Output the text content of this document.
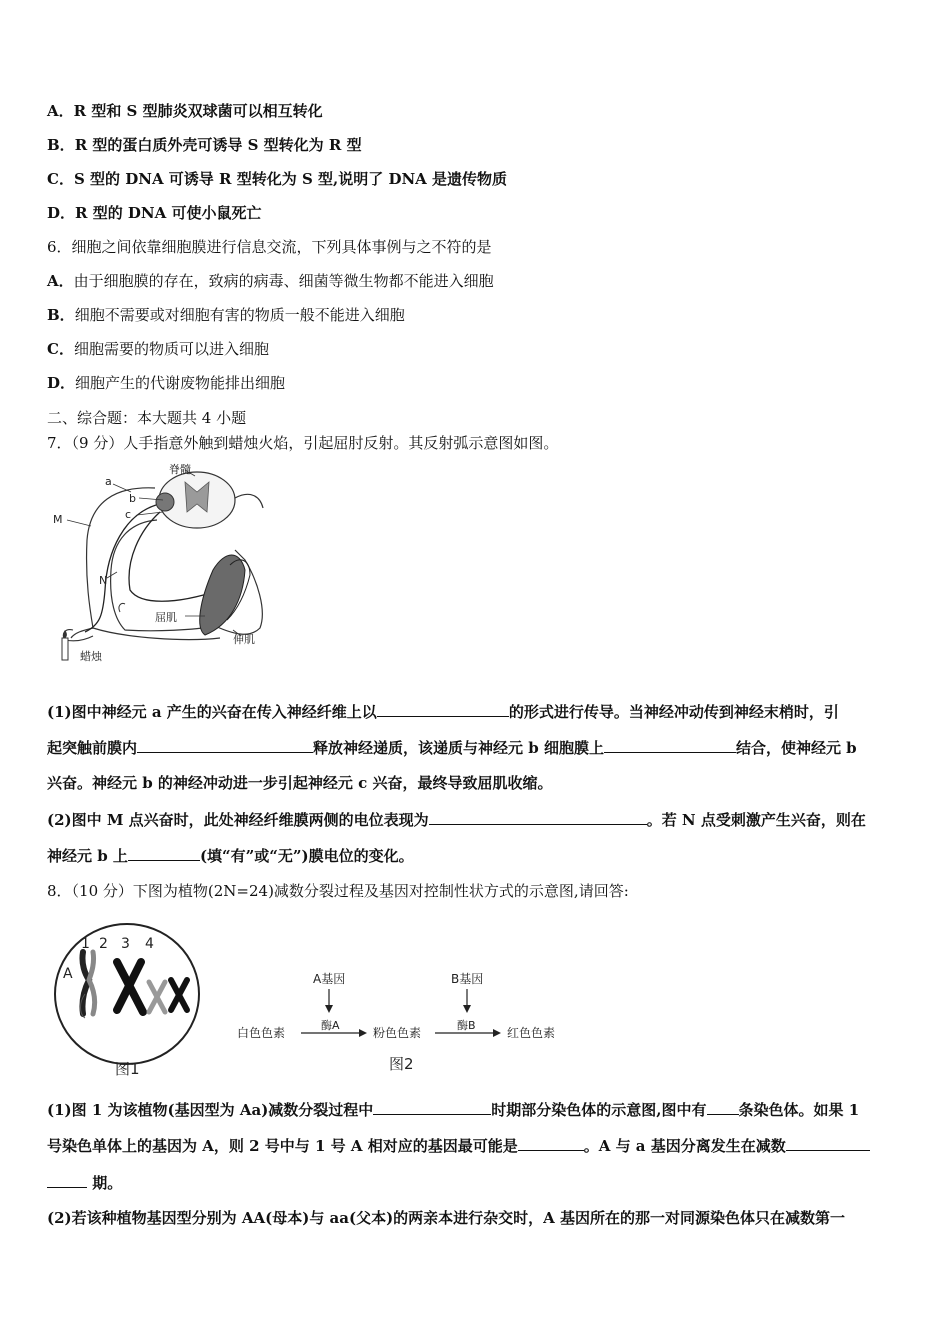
A．R 型和 S 型肺炎双球菌可以相互转化
B．R 型的蛋白质外壳可诱导 S 型转化为 R 型
C．S 型的 DNA 可诱导 R 型转化为 S 型,说明了 DNA 是遗传物质
D．R 型的 DNA 可使小鼠死亡
6．细胞之间依靠细胞膜进行信息交流，下列具体事例与之不符的是
A．由于细胞膜的存在，致病的病毒、细菌等微生物都不能进入细胞
B．细胞不需要或对细胞有害的物质一般不能进入细胞
C．细胞需要的物质可以进入细胞
D．细胞产生的代谢废物能排出细胞
二、综合题：本大题共 4 小题
7．（9 分）人手指意外触到蜡烛火焰，引起屈肘反射。其反射弧示意图如图。
脊髓
a
b
c
M
N
屈肌
伸肌
蜡烛
(1)图中神经元 a 产生的兴奋在传入神经纤维上以	的形式进行传导。当神经冲动传到神经末梢时，引
起突触前膜内	释放神经递质，该递质与神经元 b 细胞膜上	结合，使神经元 b
兴奋。神经元 b 的神经冲动进一步引起神经元 c 兴奋，最终导致屈肌收缩。
(2)图中 M 点兴奋时，此处神经纤维膜两侧的电位表现为	。若 N 点受刺激产生兴奋，则在
神经元 b 上	(填“有”或“无”)膜电位的变化。
8．（10 分）下图为植物(2N=24)减数分裂过程及基因对控制性状方式的示意图,请回答:
1 2 3 4
A
图1
A基因
酶A
B基因
酶B
白色色素	粉色色素	红色色素
图2
(1)图 1 为该植物(基因型为 Aa)减数分裂过程中	时期部分染色体的示意图,图中有 条染色体。如果 1
号染色单体上的基因为 A，则 2 号中与 1 号 A 相对应的基因最可能是	。A 与 a 基因分离发生在减数
期。
(2)若该种植物基因型分别为 AA(母本)与 aa(父本)的两亲本进行杂交时，A 基因所在的那一对同源染色体只在减数第一
